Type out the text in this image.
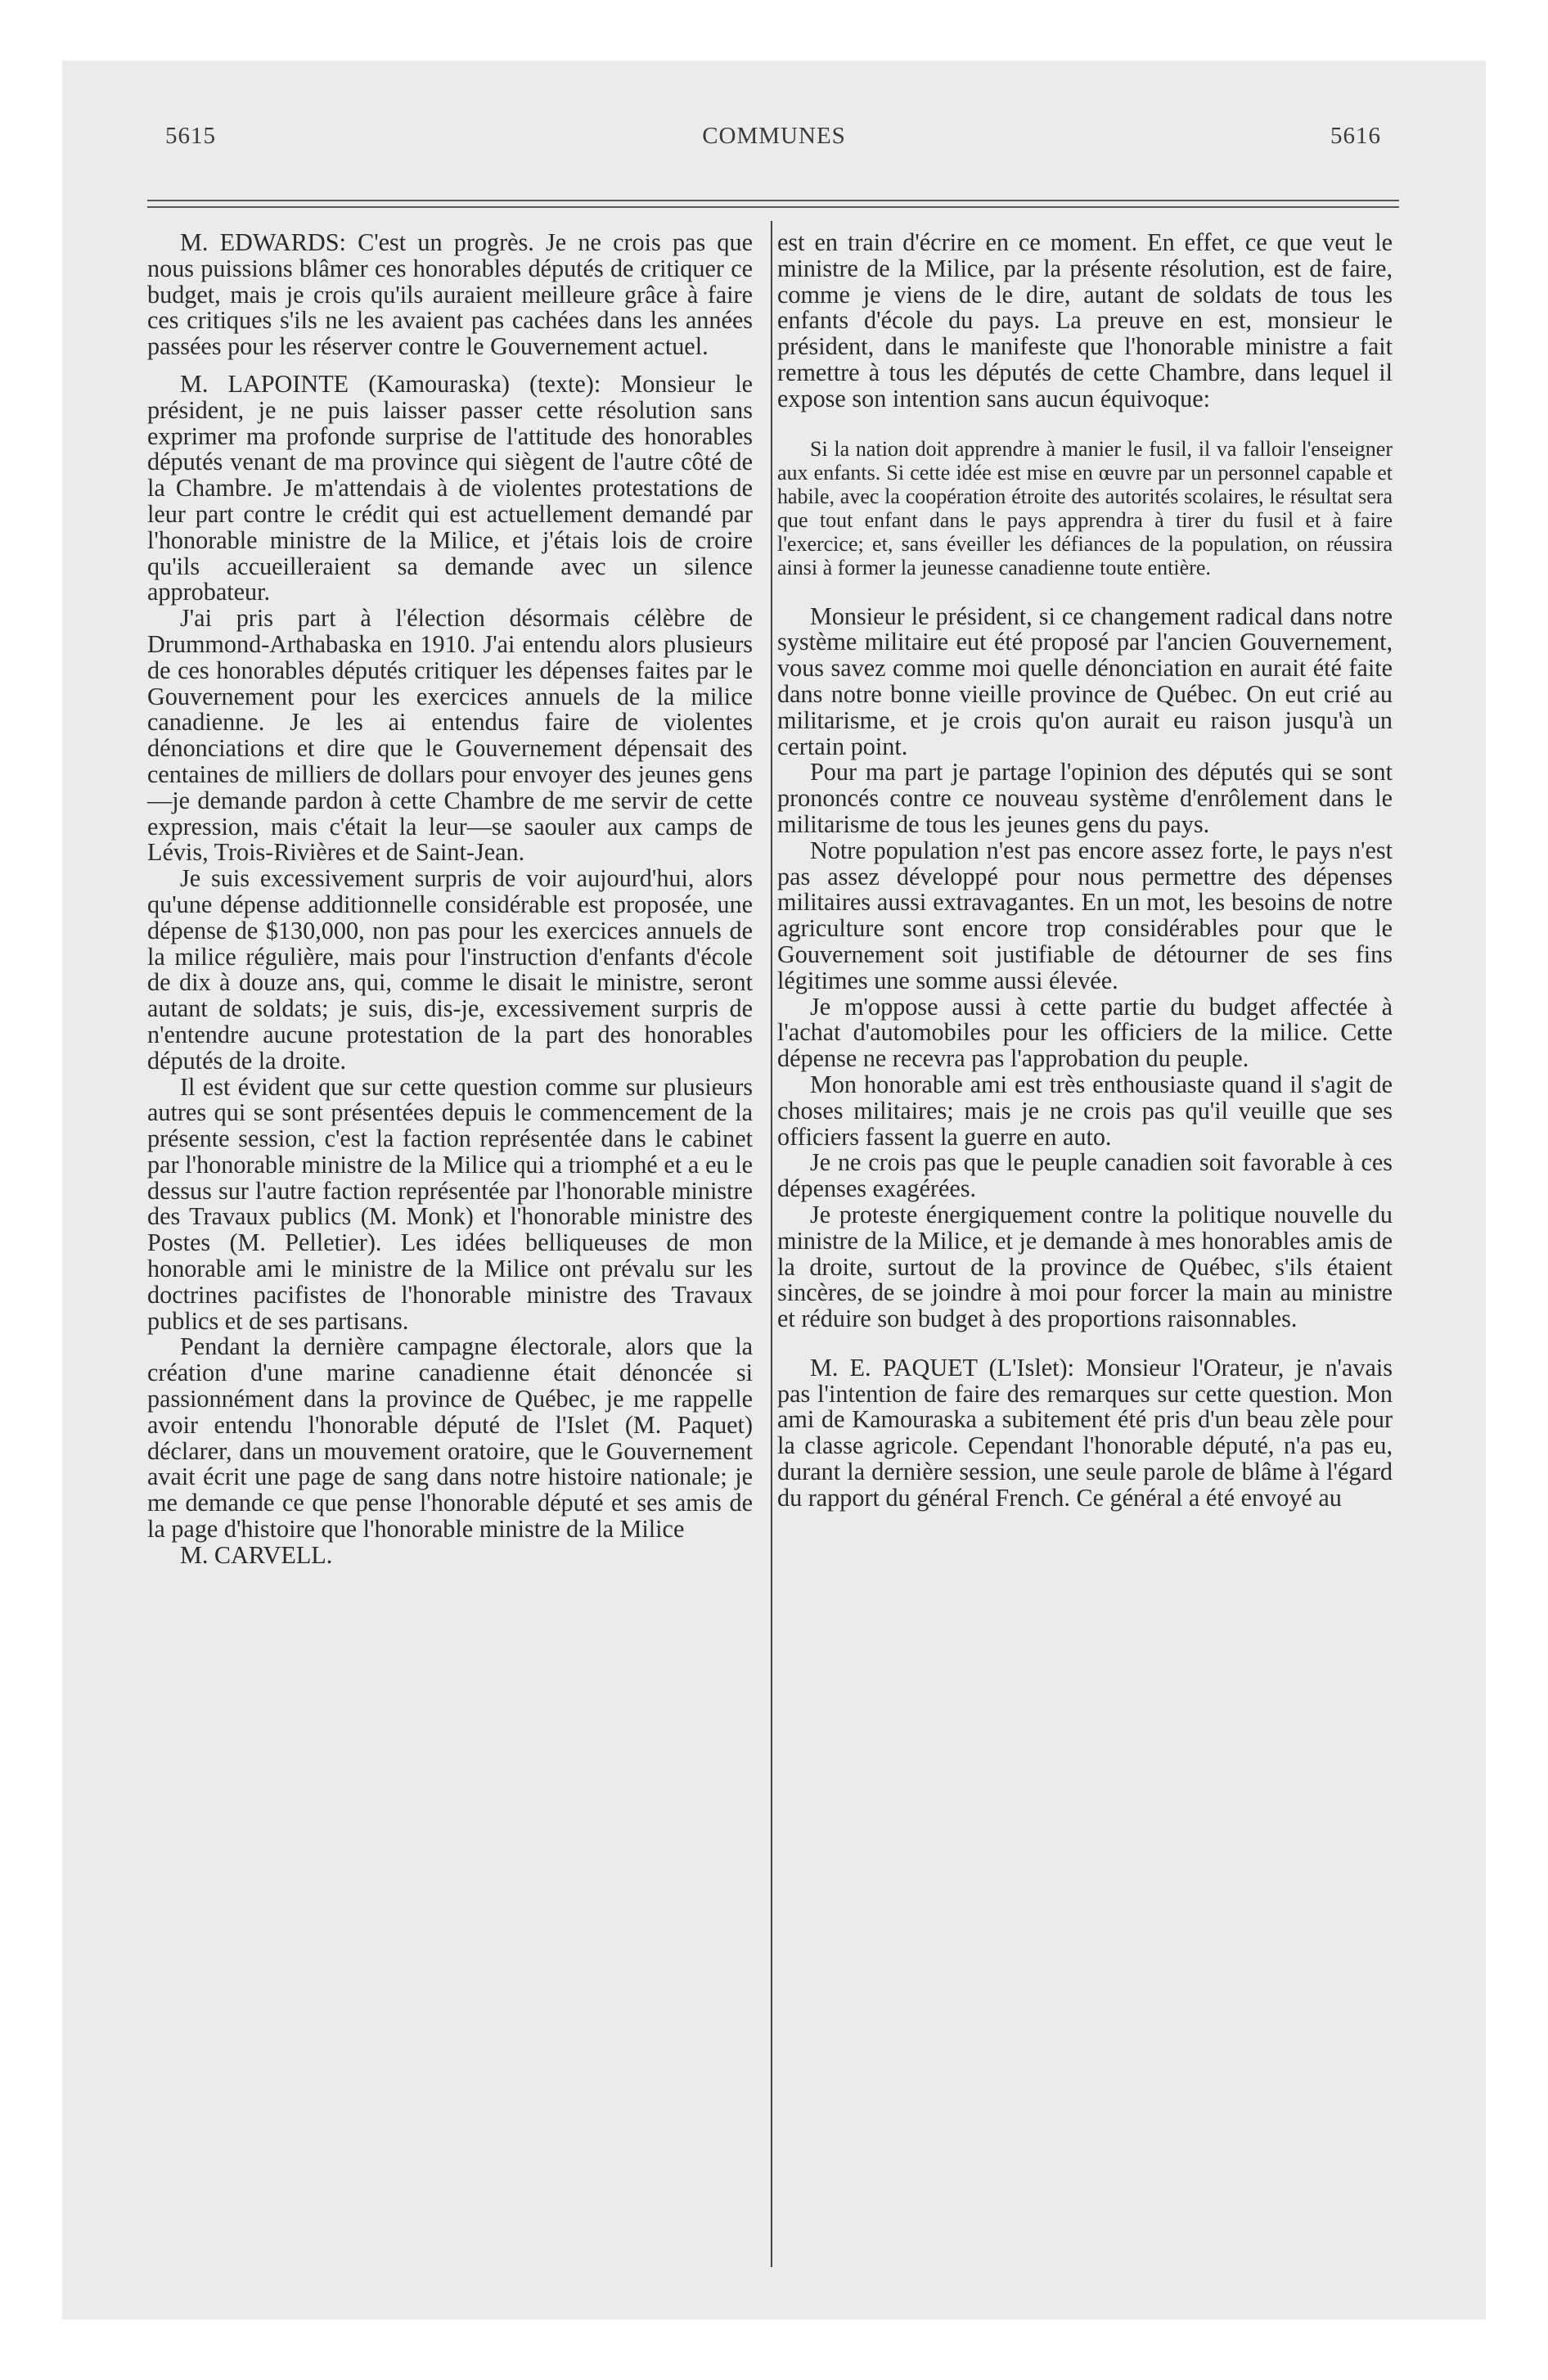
5615	COMMUNES	5616

M. EDWARDS: C'est un progrès. Je ne crois pas que nous puissions blâmer ces honorables députés de critiquer ce budget, mais je crois qu'ils auraient meilleure grâce à faire ces critiques s'ils ne les avaient pas cachées dans les années passées pour les réserver contre le Gouvernement actuel.

M. LAPOINTE (Kamouraska) (texte): Monsieur le président, je ne puis laisser passer cette résolution sans exprimer ma profonde surprise de l'attitude des honorables députés venant de ma province qui siègent de l'autre côté de la Chambre. Je m'attendais à de violentes protestations de leur part contre le crédit qui est actuellement demandé par l'honorable ministre de la Milice, et j'étais lois de croire qu'ils accueilleraient sa demande avec un silence approbateur.

J'ai pris part à l'élection désormais célèbre de Drummond-Arthabaska en 1910. J'ai entendu alors plusieurs de ces honorables députés critiquer les dépenses faites par le Gouvernement pour les exercices annuels de la milice canadienne. Je les ai entendus faire de violentes dénonciations et dire que le Gouvernement dépensait des centaines de milliers de dollars pour envoyer des jeunes gens—je demande pardon à cette Chambre de me servir de cette expression, mais c'était la leur—se saouler aux camps de Lévis, Trois-Rivières et de Saint-Jean.

Je suis excessivement surpris de voir aujourd'hui, alors qu'une dépense additionnelle considérable est proposée, une dépense de $130,000, non pas pour les exercices annuels de la milice régulière, mais pour l'instruction d'enfants d'école de dix à douze ans, qui, comme le disait le ministre, seront autant de soldats; je suis, dis-je, excessivement surpris de n'entendre aucune protestation de la part des honorables députés de la droite.

Il est évident que sur cette question comme sur plusieurs autres qui se sont présentées depuis le commencement de la présente session, c'est la faction représentée dans le cabinet par l'honorable ministre de la Milice qui a triomphé et a eu le dessus sur l'autre faction représentée par l'honorable ministre des Travaux publics (M. Monk) et l'honorable ministre des Postes (M. Pelletier). Les idées belliqueuses de mon honorable ami le ministre de la Milice ont prévalu sur les doctrines pacifistes de l'honorable ministre des Travaux publics et de ses partisans.

Pendant la dernière campagne électorale, alors que la création d'une marine canadienne était dénoncée si passionnément dans la province de Québec, je me rappelle avoir entendu l'honorable député de l'Islet (M. Paquet) déclarer, dans un mouvement oratoire, que le Gouvernement avait écrit une page de sang dans notre histoire nationale; je me demande ce que pense l'honorable député et ses amis de la page d'histoire que l'honorable ministre de la Milice

M. CARVELL.

est en train d'écrire en ce moment. En effet, ce que veut le ministre de la Milice, par la présente résolution, est de faire, comme je viens de le dire, autant de soldats de tous les enfants d'école du pays. La preuve en est, monsieur le président, dans le manifeste que l'honorable ministre a fait remettre à tous les députés de cette Chambre, dans lequel il expose son intention sans aucun équivoque:

Si la nation doit apprendre à manier le fusil, il va falloir l'enseigner aux enfants. Si cette idée est mise en œuvre par un personnel capable et habile, avec la coopération étroite des autorités scolaires, le résultat sera que tout enfant dans le pays apprendra à tirer du fusil et à faire l'exercice; et, sans éveiller les défiances de la population, on réussira ainsi à former la jeunesse canadienne toute entière.

Monsieur le président, si ce changement radical dans notre système militaire eut été proposé par l'ancien Gouvernement, vous savez comme moi quelle dénonciation en aurait été faite dans notre bonne vieille province de Québec. On eut crié au militarisme, et je crois qu'on aurait eu raison jusqu'à un certain point.

Pour ma part je partage l'opinion des députés qui se sont prononcés contre ce nouveau système d'enrôlement dans le militarisme de tous les jeunes gens du pays.

Notre population n'est pas encore assez forte, le pays n'est pas assez développé pour nous permettre des dépenses militaires aussi extravagantes. En un mot, les besoins de notre agriculture sont encore trop considérables pour que le Gouvernement soit justifiable de détourner de ses fins légitimes une somme aussi élevée.

Je m'oppose aussi à cette partie du budget affectée à l'achat d'automobiles pour les officiers de la milice. Cette dépense ne recevra pas l'approbation du peuple.

Mon honorable ami est très enthousiaste quand il s'agit de choses militaires; mais je ne crois pas qu'il veuille que ses officiers fassent la guerre en auto.

Je ne crois pas que le peuple canadien soit favorable à ces dépenses exagérées.

Je proteste énergiquement contre la politique nouvelle du ministre de la Milice, et je demande à mes honorables amis de la droite, surtout de la province de Québec, s'ils étaient sincères, de se joindre à moi pour forcer la main au ministre et réduire son budget à des proportions raisonnables.

M. E. PAQUET (L'Islet): Monsieur l'Orateur, je n'avais pas l'intention de faire des remarques sur cette question. Mon ami de Kamouraska a subitement été pris d'un beau zèle pour la classe agricole. Cependant l'honorable député, n'a pas eu, durant la dernière session, une seule parole de blâme à l'égard du rapport du général French. Ce général a été envoyé au
